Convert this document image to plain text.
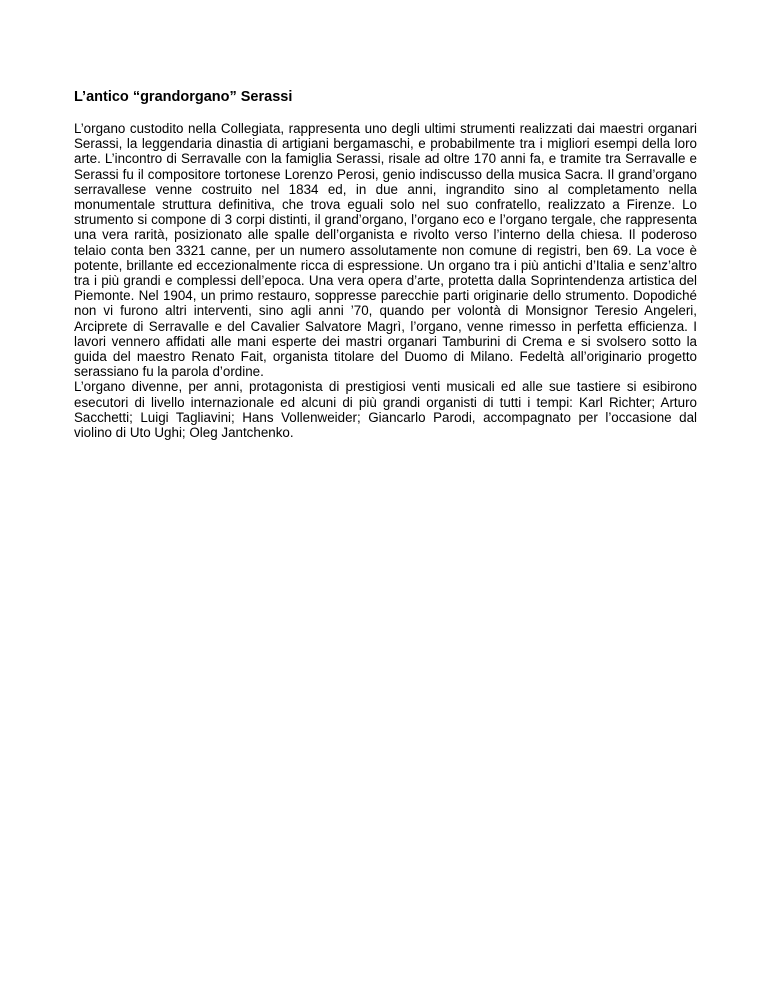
L’antico “grandorgano” Serassi

L’organo custodito nella Collegiata, rappresenta uno degli ultimi strumenti realizzati dai maestri organari Serassi, la leggendaria dinastia di artigiani bergamaschi, e probabilmente tra i migliori esempi della loro arte. L’incontro di Serravalle con la famiglia Serassi, risale ad oltre 170 anni fa, e tramite tra Serravalle e Serassi fu il compositore tortonese Lorenzo Perosi, genio indiscusso della musica Sacra. Il grand’organo serravallese venne costruito nel 1834 ed, in due anni, ingrandito sino al completamento nella monumentale struttura definitiva, che trova eguali solo nel suo confratello, realizzato a Firenze. Lo strumento si compone di 3 corpi distinti, il grand’organo, l’organo eco e l’organo tergale, che rappresenta una vera rarità, posizionato alle spalle dell’organista e rivolto verso l’interno della chiesa. Il poderoso telaio conta ben 3321 canne, per un numero assolutamente non comune di registri, ben 69. La voce è potente, brillante ed eccezionalmente ricca di espressione. Un organo tra i più antichi d’Italia e senz’altro tra i più grandi e complessi dell’epoca. Una vera opera d’arte, protetta dalla Soprintendenza artistica del Piemonte. Nel 1904, un primo restauro, soppresse parecchie parti originarie dello strumento. Dopodiché non vi furono altri interventi, sino agli anni ’70, quando per volontà di Monsignor Teresio Angeleri, Arciprete di Serravalle e del Cavalier Salvatore Magrì, l’organo, venne rimesso in perfetta efficienza. I lavori vennero affidati alle mani esperte dei mastri organari Tamburini di Crema e si svolsero sotto la guida del maestro Renato Fait, organista titolare del Duomo di Milano. Fedeltà all’originario progetto serassiano fu la parola d’ordine.

L’organo divenne, per anni, protagonista di prestigiosi venti musicali ed alle sue tastiere si esibirono esecutori di livello internazionale ed alcuni di più grandi organisti di tutti i tempi: Karl Richter; Arturo Sacchetti; Luigi Tagliavini; Hans Vollenweider; Giancarlo Parodi, accompagnato per l’occasione dal violino di Uto Ughi; Oleg Jantchenko.
